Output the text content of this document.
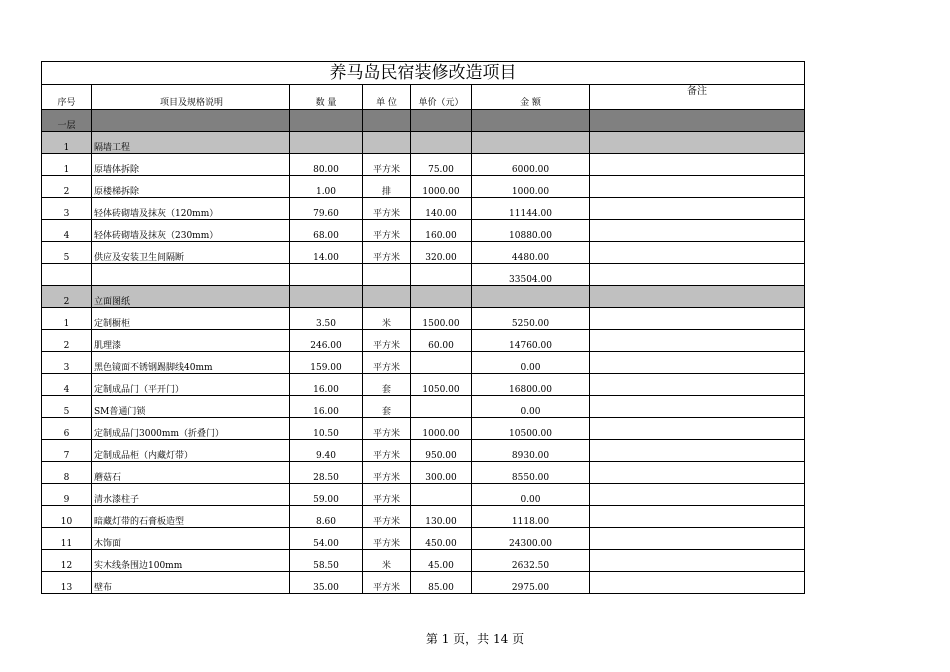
养马岛民宿装修改造项目						
序号	项目及规格说明	数 量	单 位	单价（元）	金 额	备注
一层						
1	隔墙工程					
1	原墙体拆除	80.00	平方米	75.00	6000.00	
2	原楼梯拆除	1.00	排	1000.00	1000.00	
3	轻体砖砌墙及抹灰（120mm）	79.60	平方米	140.00	11144.00	
4	轻体砖砌墙及抹灰（230mm）	68.00	平方米	160.00	10880.00	
5	供应及安装卫生间隔断	14.00	平方米	320.00	4480.00	
					33504.00	
2	立面图纸					
1	定制橱柜	3.50	米	1500.00	5250.00	
2	肌理漆	246.00	平方米	60.00	14760.00	
3	黑色镜面不锈钢踢脚线40mm	159.00	平方米		0.00	
4	定制成品门（平开门）	16.00	套	1050.00	16800.00	
5	SM普通门锁	16.00	套		0.00	
6	定制成品门3000mm（折叠门）	10.50	平方米	1000.00	10500.00	
7	定制成品柜（内藏灯带）	9.40	平方米	950.00	8930.00	
8	蘑菇石	28.50	平方米	300.00	8550.00	
9	清水漆柱子	59.00	平方米		0.00	
10	暗藏灯带的石膏板造型	8.60	平方米	130.00	1118.00	
11	木饰面	54.00	平方米	450.00	24300.00	
12	实木线条围边100mm	58.50	米	45.00	2632.50	
13	壁布	35.00	平方米	85.00	2975.00	
第 1 页，共 14 页
